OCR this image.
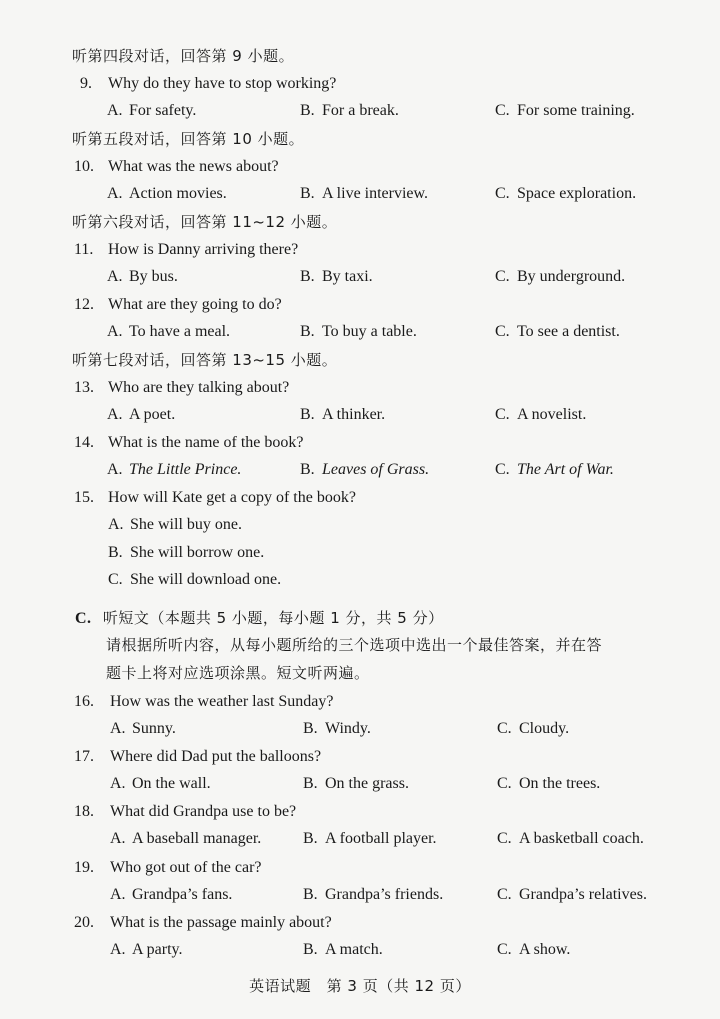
听第四段对话，回答第 9 小题。
9. Why do they have to stop working?
A. For safety.	B. For a break.	C. For some training.
听第五段对话，回答第 10 小题。
10. What was the news about?
A. Action movies.	B. A live interview.	C. Space exploration.
听第六段对话，回答第 11~12 小题。
11. How is Danny arriving there?
A. By bus.	B. By taxi.	C. By underground.
12. What are they going to do?
A. To have a meal.	B. To buy a table.	C. To see a dentist.
听第七段对话，回答第 13~15 小题。
13. Who are they talking about?
A. A poet.	B. A thinker.	C. A novelist.
14. What is the name of the book?
A. The Little Prince.	B. Leaves of Grass.	C. The Art of War.
15. How will Kate get a copy of the book?
A. She will buy one.
B. She will borrow one.
C. She will download one.
C. 听短文（本题共 5 小题，每小题 1 分，共 5 分）
请根据所听内容，从每小题所给的三个选项中选出一个最佳答案，并在答
题卡上将对应选项涂黑。短文听两遍。
16. How was the weather last Sunday?
A. Sunny.	B. Windy.	C. Cloudy.
17. Where did Dad put the balloons?
A. On the wall.	B. On the grass.	C. On the trees.
18. What did Grandpa use to be?
A. A baseball manager.	B. A football player.	C. A basketball coach.
19. Who got out of the car?
A. Grandpa’s fans.	B. Grandpa’s friends.	C. Grandpa’s relatives.
20. What is the passage mainly about?
A. A party.	B. A match.	C. A show.
英语试题　第 3 页（共 12 页）
